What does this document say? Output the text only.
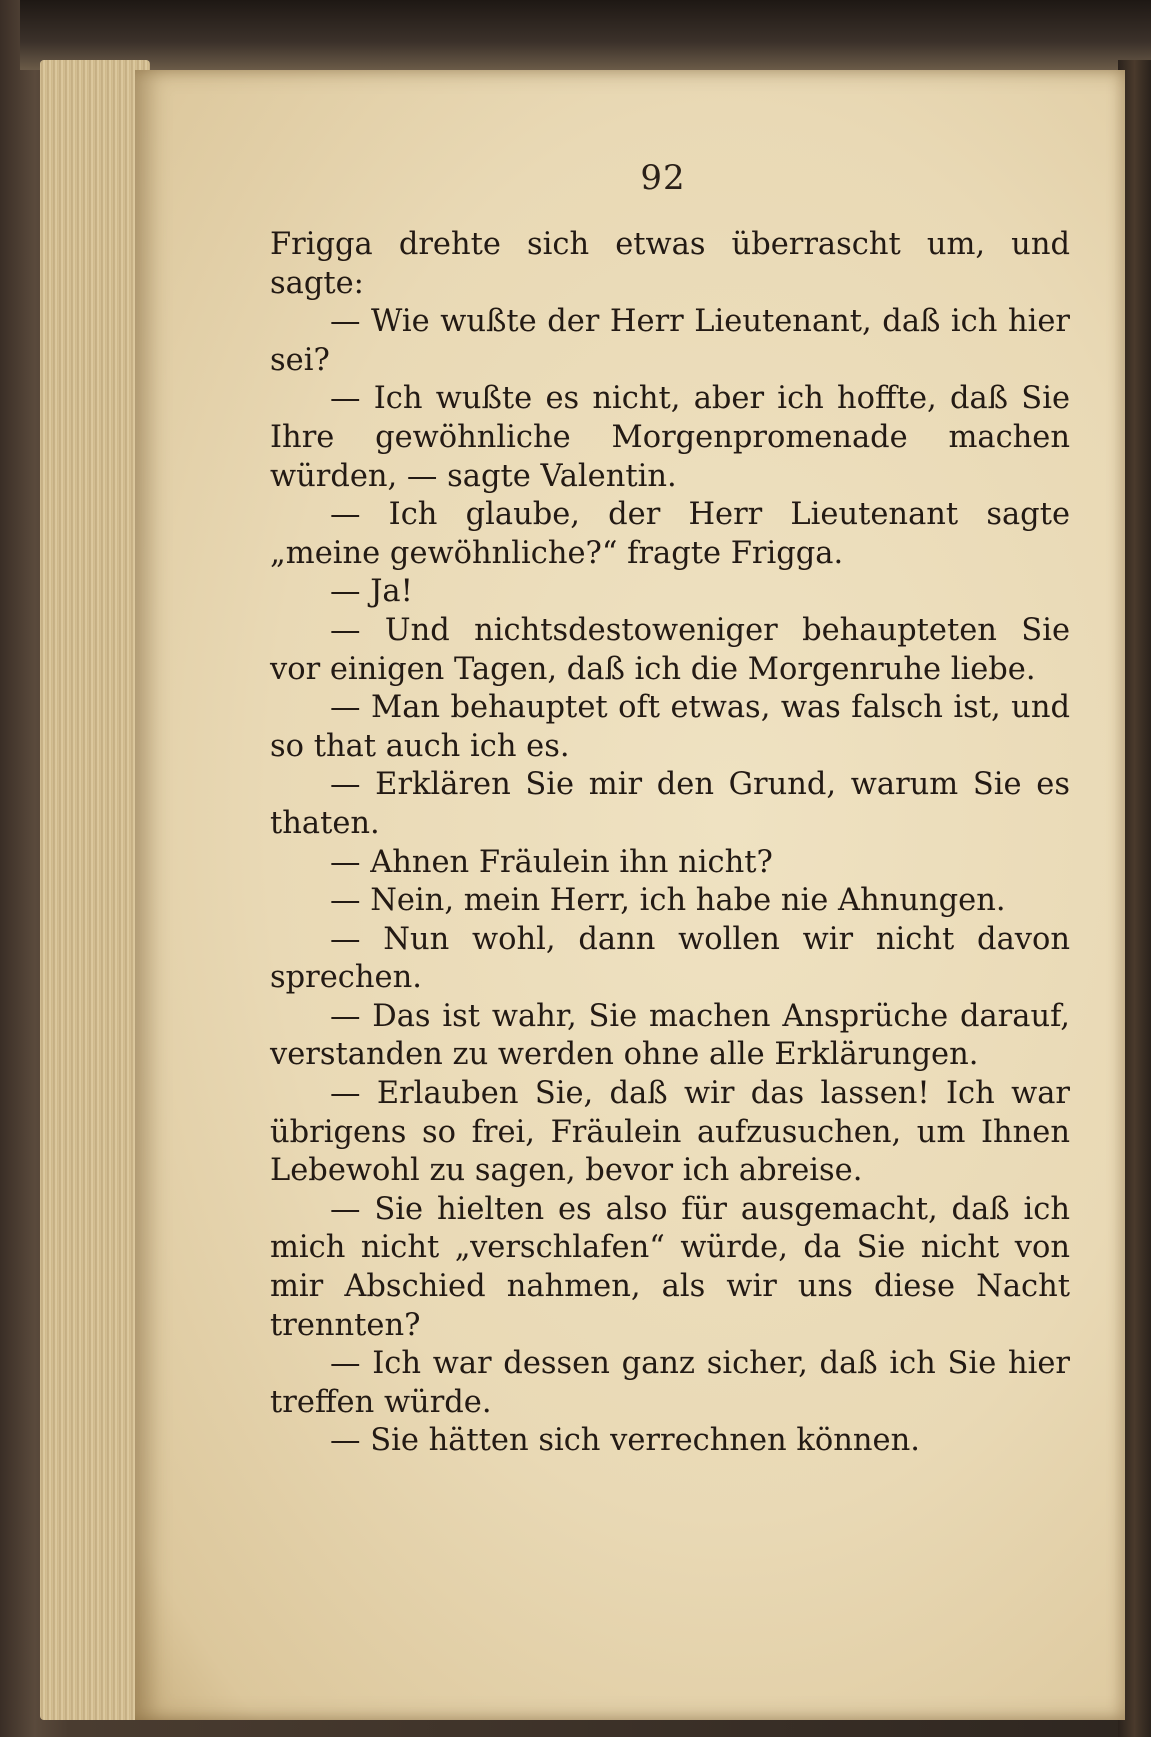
92

Frigga drehte sich etwas überrascht um, und sagte:

— Wie wußte der Herr Lieutenant, daß ich hier sei?

— Ich wußte es nicht, aber ich hoffte, daß Sie Ihre gewöhnliche Morgenpromenade machen würden, — sagte Valentin.

— Ich glaube, der Herr Lieutenant sagte „meine gewöhnliche?“ fragte Frigga.

— Ja!

— Und nichtsdestoweniger behaupteten Sie vor einigen Tagen, daß ich die Morgenruhe liebe.

— Man behauptet oft etwas, was falsch ist, und so that auch ich es.

— Erklären Sie mir den Grund, warum Sie es thaten.

— Ahnen Fräulein ihn nicht?

— Nein, mein Herr, ich habe nie Ahnungen.

— Nun wohl, dann wollen wir nicht davon sprechen.

— Das ist wahr, Sie machen Ansprüche darauf, verstanden zu werden ohne alle Erklärungen.

— Erlauben Sie, daß wir das lassen! Ich war übrigens so frei, Fräulein aufzusuchen, um Ihnen Lebewohl zu sagen, bevor ich abreise.

— Sie hielten es also für ausgemacht, daß ich mich nicht „verschlafen“ würde, da Sie nicht von mir Abschied nahmen, als wir uns diese Nacht trennten?

— Ich war dessen ganz sicher, daß ich Sie hier treffen würde.

— Sie hätten sich verrechnen können.
